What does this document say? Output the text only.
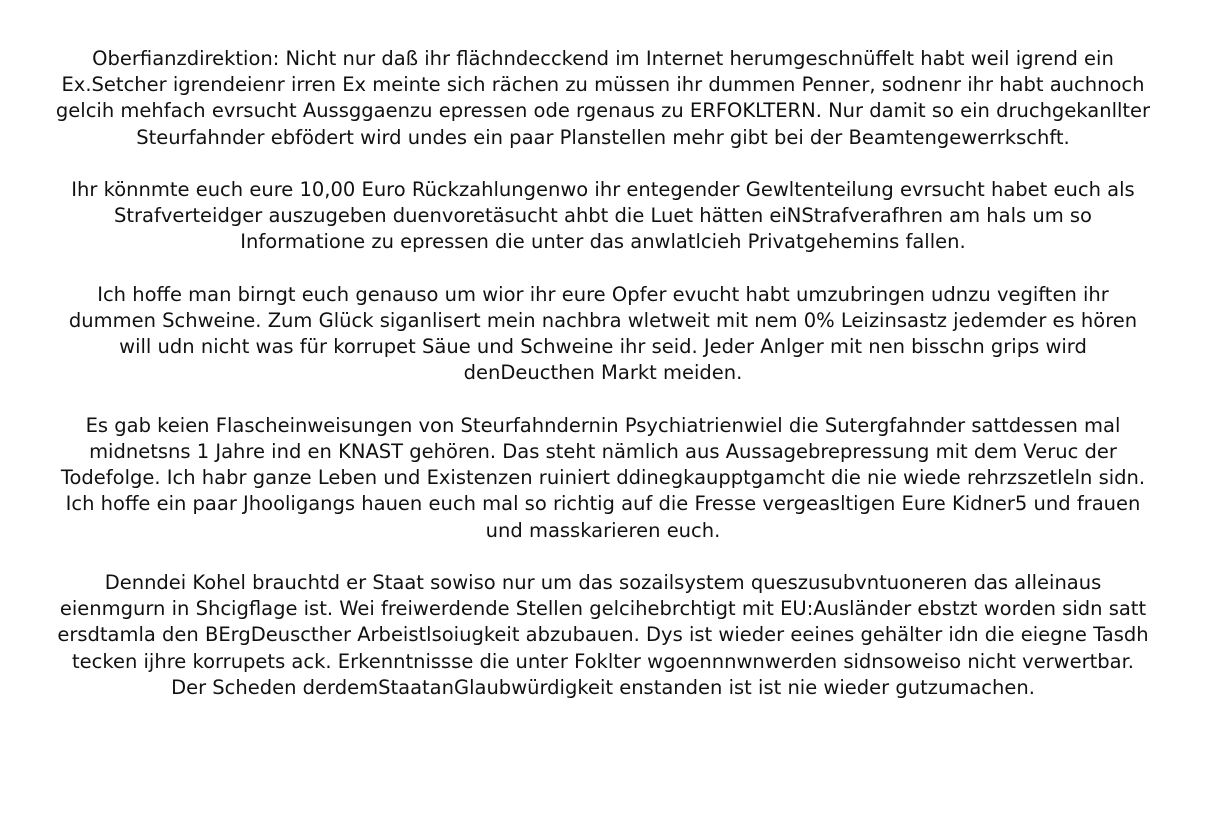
Oberfianzdirektion: Nicht nur daß ihr flächndecckend im Internet herumgeschnüffelt habt weil igrend ein
Ex.Setcher igrendeienr irren Ex meinte sich rächen zu müssen ihr dummen Penner, sodnenr ihr habt auchnoch
gelcih mehfach evrsucht Aussggaenzu epressen ode rgenaus zu ERFOKLTERN. Nur damit so ein druchgekanllter
Steurfahnder ebfödert wird undes ein paar Planstellen mehr gibt bei der Beamtengewerrkschft.

Ihr könnmte euch eure 10,00 Euro Rückzahlungenwo ihr entegender Gewltenteilung evrsucht habet euch als
Strafverteidger auszugeben duenvoretäsucht ahbt die Luet hätten eiNStrafverafhren am hals um so
Informatione zu epressen die unter das anwlatlcieh Privatgehemins fallen.

Ich hoffe man birngt euch genauso um wior ihr eure Opfer evucht habt umzubringen udnzu vegiften ihr
dummen Schweine. Zum Glück siganlisert mein nachbra wletweit mit nem 0% Leizinsastz jedemder es hören
will udn nicht was für korrupet Säue und Schweine ihr seid. Jeder Anlger mit nen bisschn grips wird
denDeucthen Markt meiden.

Es gab keien Flascheinweisungen von Steurfahndernin Psychiatrienwiel die Sutergfahnder sattdessen mal
midnetsns 1 Jahre ind en KNAST gehören. Das steht nämlich aus Aussagebrepressung mit dem Veruc der
Todefolge. Ich habr ganze Leben und Existenzen ruiniert ddinegkaupptgamcht die nie wiede rehrzszetleln sidn.
Ich hoffe ein paar Jhooligangs hauen euch mal so richtig auf die Fresse vergeasltigen Eure Kidner5 und frauen
und masskarieren euch.

Denndei Kohel brauchtd er Staat sowiso nur um das sozailsystem queszusubvntuoneren das alleinaus
eienmgurn in Shcigflage ist. Wei freiwerdende Stellen gelcihebrchtigt mit EU:Ausländer ebstzt worden sidn satt
ersdtamla den BErgDeuscther Arbeistlsoiugkeit abzubauen. Dys ist wieder eeines gehälter idn die eiegne Tasdh
tecken ijhre korrupets ack. Erkenntnissse die unter Foklter wgoennnwnwerden sidnsoweiso nicht verwertbar.
Der Scheden derdemStaatanGlaubwürdigkeit enstanden ist ist nie wieder gutzumachen.
